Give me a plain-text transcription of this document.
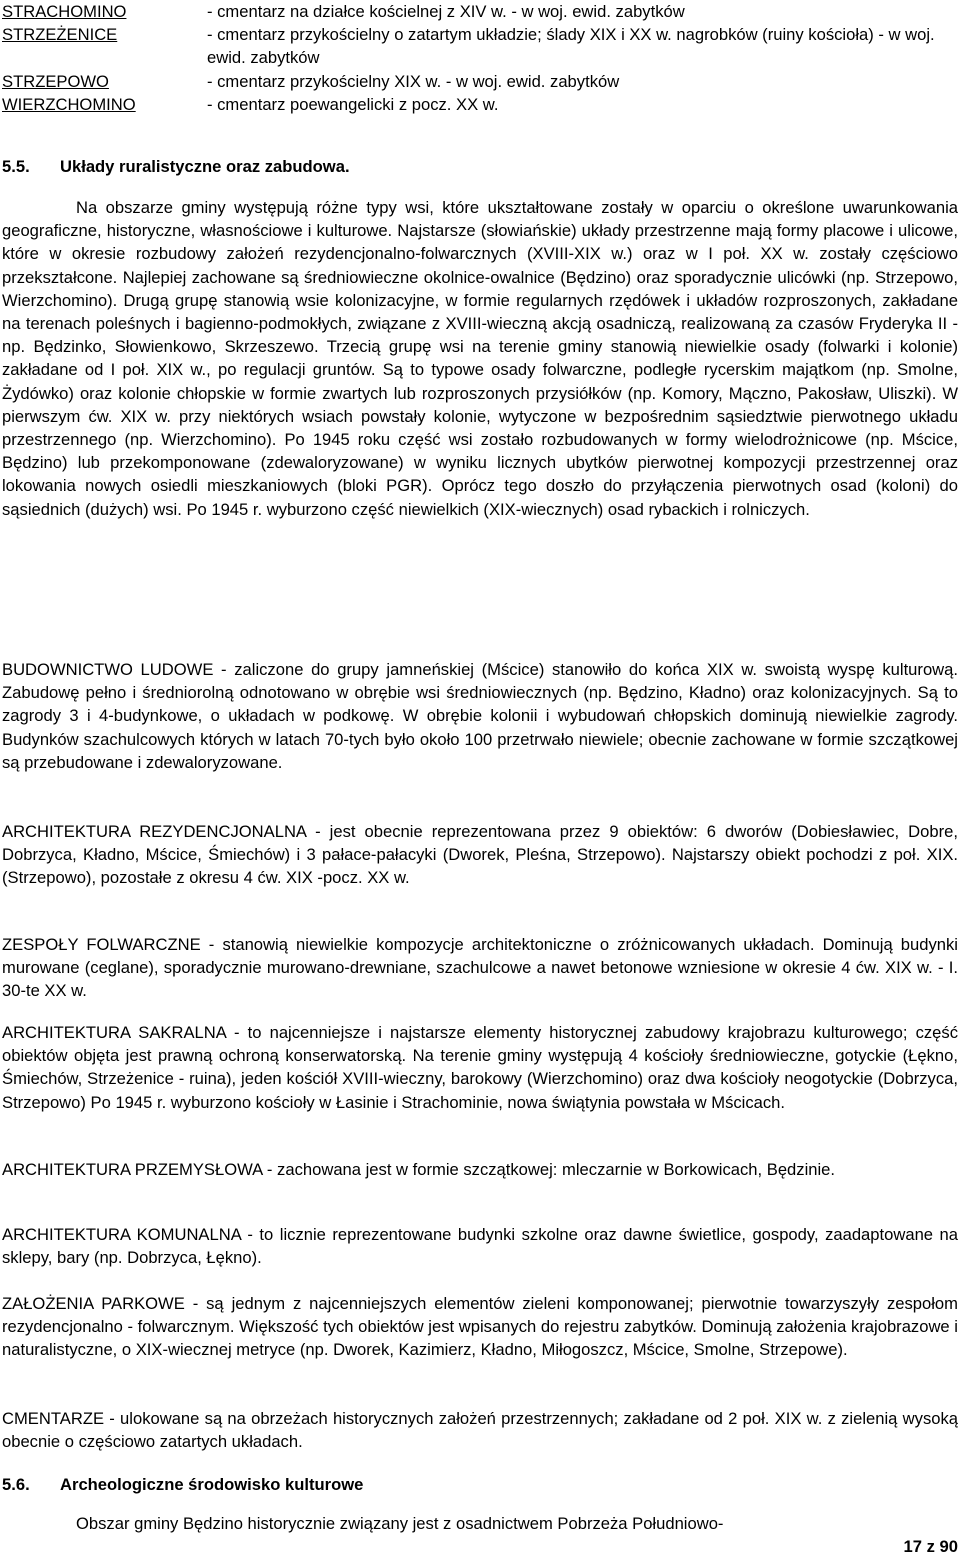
STRACHOMINO	- cmentarz na działce kościelnej z XIV w. - w woj. ewid. zabytków
STRZEŻENICE	- cmentarz przykościelny o zatartym układzie; ślady XIX i XX w. nagrobków (ruiny kościoła) - w woj. ewid. zabytków
STRZEPOWO	- cmentarz przykościelny XIX w. - w woj. ewid. zabytków
WIERZCHOMINO	- cmentarz poewangelicki z pocz. XX w.
5.5.	Układy ruralistyczne oraz zabudowa.

Na obszarze gminy występują różne typy wsi, które ukształtowane zostały w oparciu o określone uwarunkowania geograficzne, historyczne, własnościowe i kulturowe. Najstarsze (słowiańskie) układy przestrzenne mają formy placowe i ulicowe, które w okresie rozbudowy założeń rezydencjonalno-folwarcznych (XVIII-XIX w.) oraz w I poł. XX w. zostały częściowo przekształcone. Najlepiej zachowane są średniowieczne okolnice-owalnice (Będzino) oraz sporadycznie ulicówki (np. Strzepowo, Wierzchomino). Drugą grupę stanowią wsie kolonizacyjne, w formie regularnych rzędówek i układów rozproszonych, zakładane na terenach poleśnych i bagienno-podmokłych, związane z XVIII-wieczną akcją osadniczą, realizowaną za czasów Fryderyka II - np. Będzinko, Słowienkowo, Skrzeszewo. Trzecią grupę wsi na terenie gminy stanowią niewielkie osady (folwarki i kolonie) zakładane od I poł. XIX w., po regulacji gruntów. Są to typowe osady folwarczne, podległe rycerskim majątkom (np. Smolne, Żydówko) oraz kolonie chłopskie w formie zwartych lub rozproszonych przysiółków (np. Komory, Mączno, Pakosław, Uliszki). W pierwszym ćw. XIX w. przy niektórych wsiach powstały kolonie, wytyczone w bezpośrednim sąsiedztwie pierwotnego układu przestrzennego (np. Wierzchomino). Po 1945 roku część wsi zostało rozbudowanych w formy wielodrożnicowe (np. Mścice, Będzino) lub przekomponowane (zdewaloryzowane) w wyniku licznych ubytków pierwotnej kompozycji przestrzennej oraz lokowania nowych osiedli mieszkaniowych (bloki PGR). Oprócz tego doszło do przyłączenia pierwotnych osad (koloni) do sąsiednich (dużych) wsi. Po 1945 r. wyburzono część niewielkich (XIX-wiecznych) osad rybackich i rolniczych.

BUDOWNICTWO LUDOWE - zaliczone do grupy jamneńskiej (Mścice) stanowiło do końca XIX w. swoistą wyspę kulturową. Zabudowę pełno i średniorolną odnotowano w obrębie wsi średniowiecznych (np. Będzino, Kładno) oraz kolonizacyjnych. Są to zagrody 3 i 4-budynkowe, o układach w podkowę. W obrębie kolonii i wybudowań chłopskich dominują niewielkie zagrody. Budynków szachulcowych których w latach 70-tych było około 100 przetrwało niewiele; obecnie zachowane w formie szczątkowej są przebudowane i zdewaloryzowane.

ARCHITEKTURA REZYDENCJONALNA - jest obecnie reprezentowana przez 9 obiektów: 6 dworów (Dobiesławiec, Dobre, Dobrzyca, Kładno, Mścice, Śmiechów) i 3 pałace-pałacyki (Dworek, Pleśna, Strzepowo). Najstarszy obiekt pochodzi z poł. XIX. (Strzepowo), pozostałe z okresu 4 ćw. XIX -pocz. XX w.

ZESPOŁY FOLWARCZNE - stanowią niewielkie kompozycje architektoniczne o zróżnicowanych układach. Dominują budynki murowane (ceglane), sporadycznie murowano-drewniane, szachulcowe a nawet betonowe wzniesione w okresie 4 ćw. XIX w. - I. 30-te XX w.

ARCHITEKTURA SAKRALNA - to najcenniejsze i najstarsze elementy historycznej zabudowy krajobrazu kulturowego; część obiektów objęta jest prawną ochroną konserwatorską. Na terenie gminy występują 4 kościoły średniowieczne, gotyckie (Łękno, Śmiechów, Strzeżenice - ruina), jeden kościół XVIII-wieczny, barokowy (Wierzchomino) oraz dwa kościoły neogotyckie (Dobrzyca, Strzepowo) Po 1945 r. wyburzono kościoły w Łasinie i Strachominie, nowa świątynia powstała w Mścicach.

ARCHITEKTURA PRZEMYSŁOWA - zachowana jest w formie szczątkowej: mleczarnie w Borkowicach, Będzinie.

ARCHITEKTURA KOMUNALNA - to licznie reprezentowane budynki szkolne oraz dawne świetlice, gospody, zaadaptowane na sklepy, bary (np. Dobrzyca, Łękno).

ZAŁOŻENIA PARKOWE - są jednym z najcenniejszych elementów zieleni komponowanej; pierwotnie towarzyszyły zespołom rezydencjonalno - folwarcznym. Większość tych obiektów jest wpisanych do rejestru zabytków. Dominują założenia krajobrazowe i naturalistyczne, o XIX-wiecznej metryce (np. Dworek, Kazimierz, Kładno, Miłogoszcz, Mścice, Smolne, Strzepowe).

CMENTARZE - ulokowane są na obrzeżach historycznych założeń przestrzennych; zakładane od 2 poł. XIX w. z zielenią wysoką obecnie o częściowo zatartych układach.

5.6.	Archeologiczne środowisko kulturowe

Obszar gminy Będzino historycznie związany jest z osadnictwem Pobrzeża Południowo-

17 z 90
